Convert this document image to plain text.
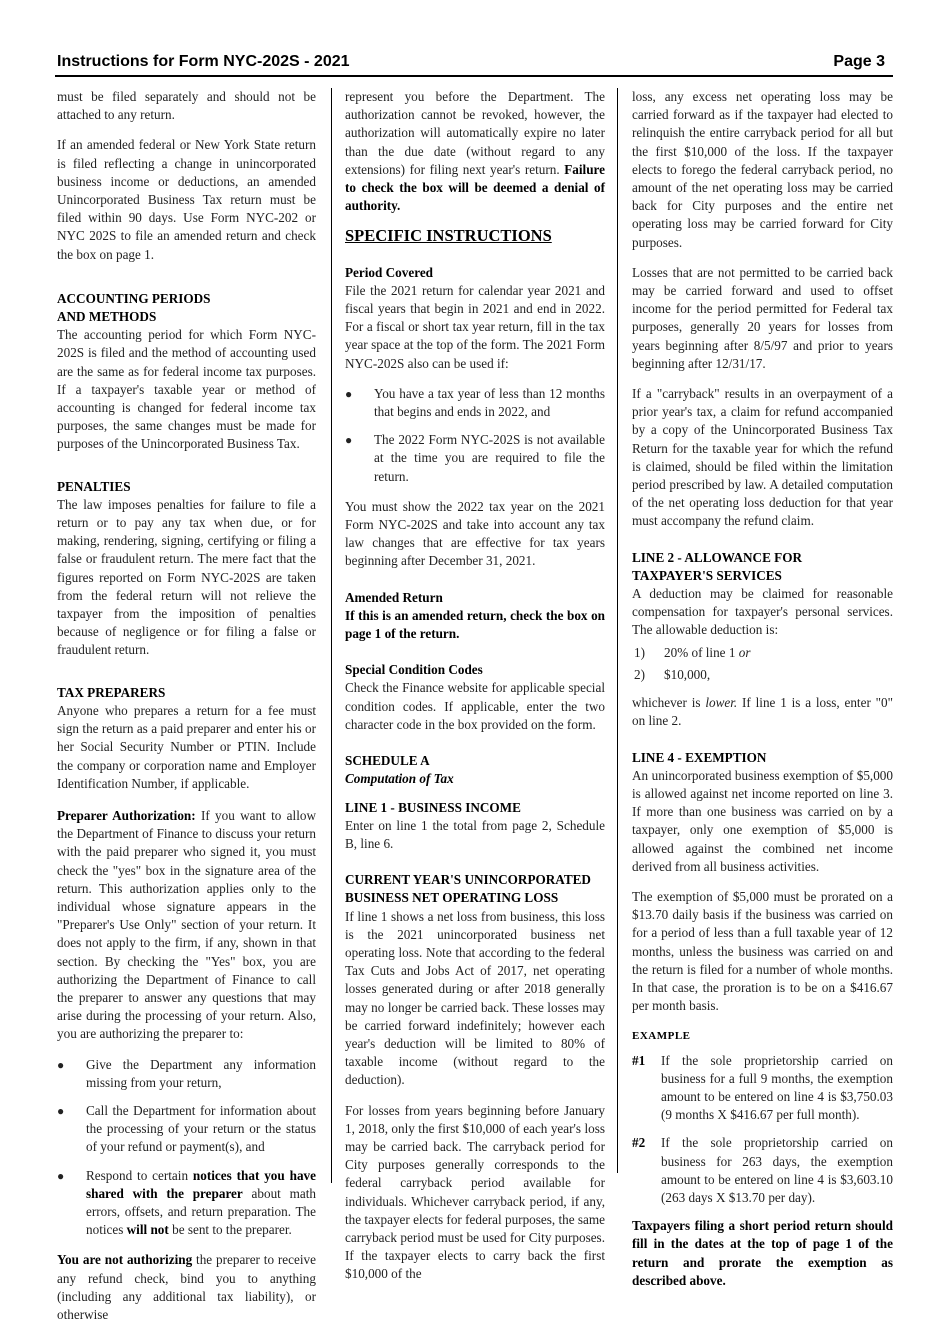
Instructions for Form NYC-202S - 2021	Page 3

must be filed separately and should not be attached to any return.

If an amended federal or New York State return is filed reflecting a change in unincorporated business income or deductions, an amended Unincorporated Business Tax return must be filed within 90 days. Use Form NYC-202 or NYC 202S to file an amended return and check the box on page 1.

ACCOUNTING PERIODS
AND METHODS

The accounting period for which Form NYC-202S is filed and the method of accounting used are the same as for federal income tax purposes. If a taxpayer's taxable year or method of accounting is changed for federal income tax purposes, the same changes must be made for purposes of the Unincorporated Business Tax.

PENALTIES

The law imposes penalties for failure to file a return or to pay any tax when due, or for making, rendering, signing, certifying or filing a false or fraudulent return. The mere fact that the figures reported on Form NYC-202S are taken from the federal return will not relieve the taxpayer from the imposition of penalties because of negligence or for filing a false or fraudulent return.

TAX PREPARERS

Anyone who prepares a return for a fee must sign the return as a paid preparer and enter his or her Social Security Number or PTIN. Include the company or corporation name and Employer Identification Number, if applicable.

Preparer Authorization: If you want to allow the Department of Finance to discuss your return with the paid preparer who signed it, you must check the "yes" box in the signature area of the return. This authorization applies only to the individual whose signature appears in the "Preparer's Use Only" section of your return. It does not apply to the firm, if any, shown in that section. By checking the "Yes" box, you are authorizing the Department of Finance to call the preparer to answer any questions that may arise during the processing of your return. Also, you are authorizing the preparer to:

● Give the Department any information missing from your return,
● Call the Department for information about the processing of your return or the status of your refund or payment(s), and
● Respond to certain notices that you have shared with the preparer about math errors, offsets, and return preparation. The notices will not be sent to the preparer.

You are not authorizing the preparer to receive any refund check, bind you to anything (including any additional tax liability), or otherwise

represent you before the Department. The authorization cannot be revoked, however, the authorization will automatically expire no later than the due date (without regard to any extensions) for filing next year's return. Failure to check the box will be deemed a denial of authority.

SPECIFIC INSTRUCTIONS
Period Covered

File the 2021 return for calendar year 2021 and fiscal years that begin in 2021 and end in 2022. For a fiscal or short tax year return, fill in the tax year space at the top of the form. The 2021 Form NYC-202S also can be used if:

● You have a tax year of less than 12 months that begins and ends in 2022, and
● The 2022 Form NYC-202S is not available at the time you are required to file the return.

You must show the 2022 tax year on the 2021 Form NYC-202S and take into account any tax law changes that are effective for tax years beginning after December 31, 2021.

Amended Return

If this is an amended return, check the box on page 1 of the return.

Special Condition Codes

Check the Finance website for applicable special condition codes. If applicable, enter the two character code in the box provided on the form.

SCHEDULE A
Computation of Tax
LINE 1 - BUSINESS INCOME

Enter on line 1 the total from page 2, Schedule B, line 6.

CURRENT YEAR'S UNINCORPORATED
BUSINESS NET OPERATING LOSS

If line 1 shows a net loss from business, this loss is the 2021 unincorporated business net operating loss. Note that according to the federal Tax Cuts and Jobs Act of 2017, net operating losses generated during or after 2018 generally may no longer be carried back. These losses may be carried forward indefinitely; however each year's deduction will be limited to 80% of taxable income (without regard to the deduction).

For losses from years beginning before January 1, 2018, only the first $10,000 of each year's loss may be carried back. The carryback period for City purposes generally corresponds to the federal carryback period available for individuals. Whichever carryback period, if any, the taxpayer elects for federal purposes, the same carryback period must be used for City purposes. If the taxpayer elects to carry back the first $10,000 of the

loss, any excess net operating loss may be carried forward as if the taxpayer had elected to relinquish the entire carryback period for all but the first $10,000 of the loss. If the taxpayer elects to forego the federal carryback period, no amount of the net operating loss may be carried back for City purposes and the entire net operating loss may be carried forward for City purposes.

Losses that are not permitted to be carried back may be carried forward and used to offset income for the period permitted for Federal tax purposes, generally 20 years for losses from years beginning after 8/5/97 and prior to years beginning after 12/31/17.

If a "carryback" results in an overpayment of a prior year's tax, a claim for refund accompanied by a copy of the Unincorporated Business Tax Return for the taxable year for which the refund is claimed, should be filed within the limitation period prescribed by law. A detailed computation of the net operating loss deduction for that year must accompany the refund claim.

LINE 2 - ALLOWANCE FOR
TAXPAYER'S SERVICES

A deduction may be claimed for reasonable compensation for taxpayer's personal services. The allowable deduction is:

1) 20% of line 1 or
2) $10,000,

whichever is lower. If line 1 is a loss, enter "0" on line 2.

LINE 4 - EXEMPTION

An unincorporated business exemption of $5,000 is allowed against net income reported on line 3. If more than one business was carried on by a taxpayer, only one exemption of $5,000 is allowed against the combined net income derived from all business activities.

The exemption of $5,000 must be prorated on a $13.70 daily basis if the business was carried on for a period of less than a full taxable year of 12 months, unless the business was carried on and the return is filed for a number of whole months. In that case, the proration is to be on a $416.67 per month basis.

EXAMPLE
#1 If the sole proprietorship carried on business for a full 9 months, the exemption amount to be entered on line 4 is $3,750.03 (9 months X $416.67 per full month).
#2 If the sole proprietorship carried on business for 263 days, the exemption amount to be entered on line 4 is $3,603.10 (263 days X $13.70 per day).

Taxpayers filing a short period return should fill in the dates at the top of page 1 of the return and prorate the exemption as described above.
